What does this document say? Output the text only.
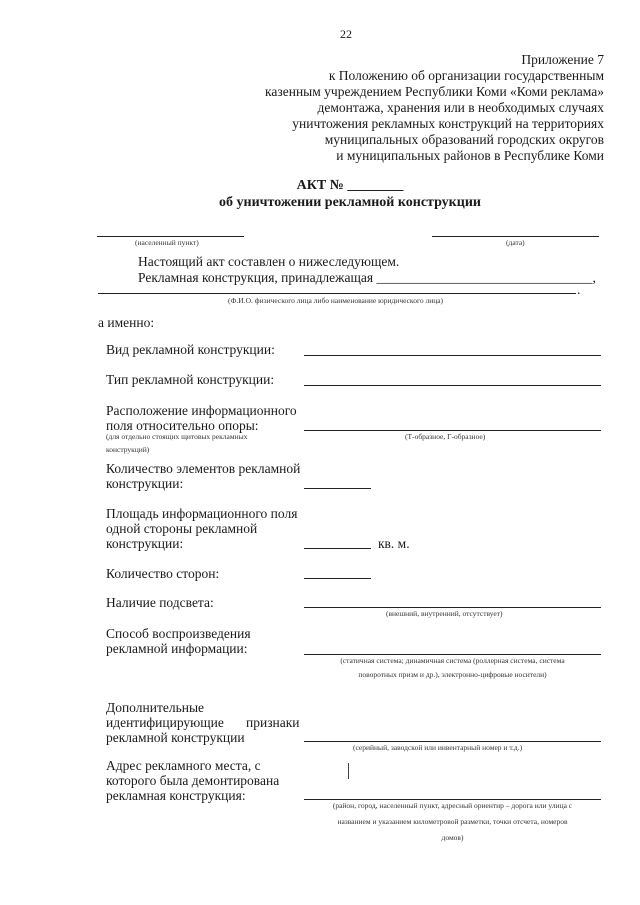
22
Приложение 7
к Положению об организации государственным
казенным учреждением Республики Коми «Коми реклама»
демонтажа, хранения или в необходимых случаях
уничтожения рекламных конструкций на территориях
муниципальных образований городских округов
и муниципальных районов в Республике Коми
АКТ № ________
об уничтожении рекламной конструкции
(населенный пункт)	(дата)
Настоящий акт составлен о нижеследующем.
Рекламная конструкция, принадлежащая ________________________________,
.
(Ф.И.О. физического лица либо наименование юридического лица)
а именно:
Вид рекламной конструкции:
Тип рекламной конструкции:
Расположение информационного
поля относительно опоры:
(для отдельно стоящих щитовых рекламных
конструкций)
(Т-образное, Г-образное)
Количество элементов рекламной
конструкции:
Площадь информационного поля
одной стороны рекламной
конструкции:	кв. м.
Количество сторон:
Наличие подсвета:
(внешний, внутренний, отсутствует)
Способ воспроизведения
рекламной информации:
(статичная система; динамичная система (роллерная система, система
поворотных призм и др.), электронно-цифровые носители)
Дополнительные
идентифицирующие признаки
рекламной конструкции
(серийный, заводской или инвентарный номер и т.д.)
Адрес рекламного места, с
которого была демонтирована
рекламная конструкция:
(район, город, населенный пункт, адресный ориентир – дорога или улица с
названием и указанием километровой разметки, точки отсчета, номеров
домов)
